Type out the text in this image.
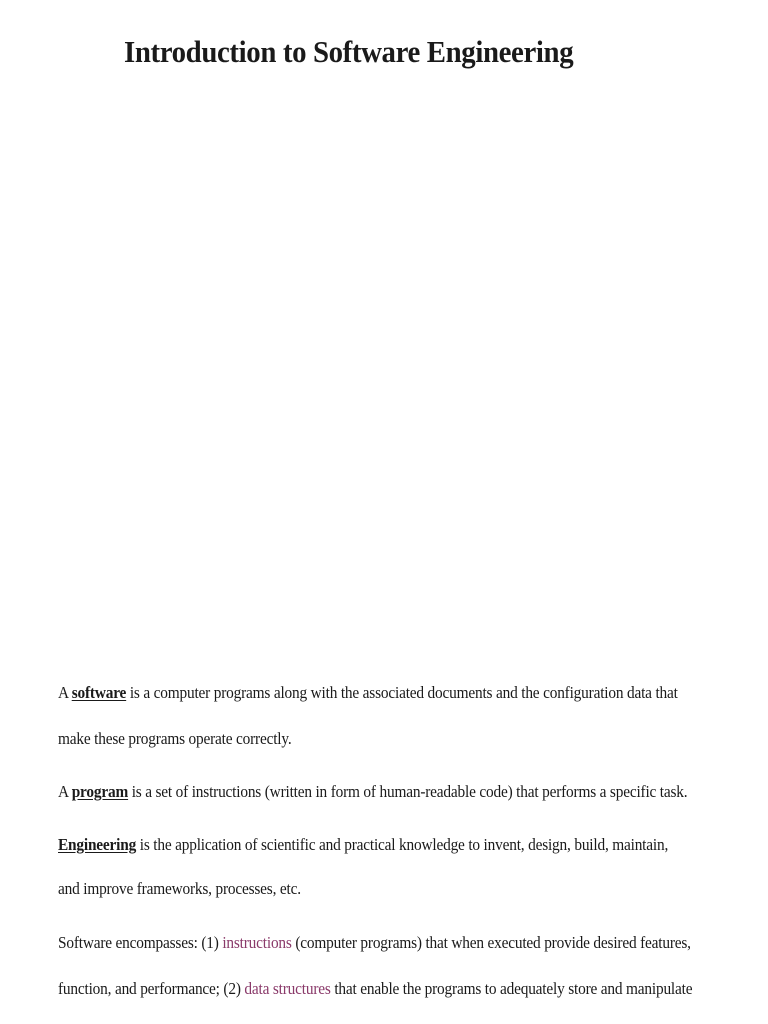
Introduction to Software Engineering

A software is a computer programs along with the associated documents and the configuration data that

make these programs operate correctly.

A program is a set of instructions (written in form of human-readable code) that performs a specific task.

Engineering is the application of scientific and practical knowledge to invent, design, build, maintain,

and improve frameworks, processes, etc.

Software encompasses: (1) instructions (computer programs) that when executed provide desired features,

function, and performance; (2) data structures that enable the programs to adequately store and manipulate
